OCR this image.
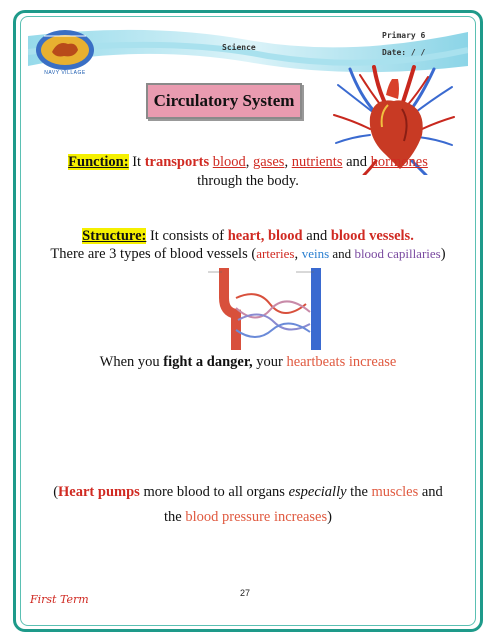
NAVY VILLAGE
Science
Primary 6
Date: / /
Circulatory System
Function: It transports blood, gases, nutrients and hormones
through the body.
Structure: It consists of heart, blood and blood vessels.
There are 3 types of blood vessels (arteries, veins and blood capillaries)
When you fight a danger, your heartbeats increase
(Heart pumps more blood to all organs especially the muscles and
the blood pressure increases)
27
First Term
